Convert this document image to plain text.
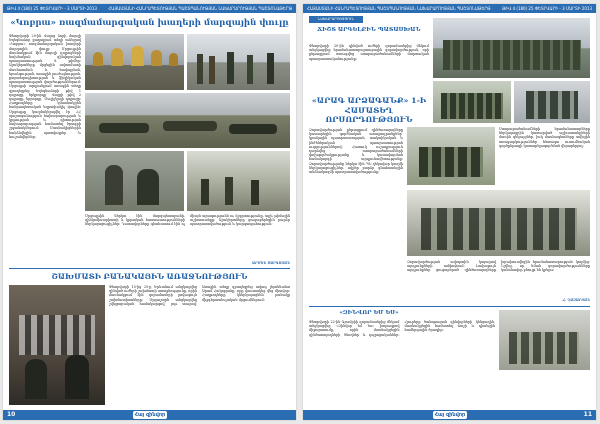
ԹԻՎ 4 (180) 25 ՓԵՏՐՎԱՐԻ - 3 ՄԱՐՏԻ 2013	ՀԱՅԱՍՏԱՆԻ ՀԱՆՐԱՊԵՏՈՒԹՅԱՆ ՊԱՇՏՊԱՆՈՒԹՅԱՆ ՆԱԽԱՐԱՐՈՒԹՅԱՆ ՊԱՇՏՈՆԱԹԵՐԹ
«Կոբրա» ռազմամարզական խաղերի մարզային փուլը
Փետրվարի 20-ին Վայոց ձորի մարզի Եղեգնաձոր քաղաքում տեղի ունեցավ «Կոբրա» ռազմամարզական խաղերի մարզային փուլը։ Մրցույթին մասնակցում էին մարզի դպրոցների նախնական զինվորական պատրաստության 8 թիմեր։ Աշակերտները մրցեցին ավտոմատի մասնատման և հավաքման, հրաձգության, առաջին բուժօգնության, քարտեզագիտության և ֆիզիկական պատրաստության վարժություններում։ Մրցույթի արդյունքում առաջին տեղը զբաղեցրեց Եղեգնաձորի թիվ 1 դպրոցը, երկրորդը՝ Վայքի թիվ 2 դպրոցը, երրորդը՝ Մալիշկայի դպրոցը։ Հաղթողները կմասնակցեն հանրապետական եզրափակիչ փուլին։ Մրցույթը կազմակերպվել էր ՀՀ պաշտպանության նախարարության և կրթության և գիտության նախարարության համատեղ ծրագրի շրջանակներում։ Մասնակիցներին հանձնվեցին պատվոգրեր և հուշանվերներ։
Մրցույթին ներկա էին մարզպետարանի, զինկոմիսարիատի և կրթական հաստատությունների ներկայացուցիչներ։ Դատավորները գնահատում էին ոչ միայն արագությունն ու ճշգրտությունը, այլև թիմային աշխատանքը։ Աշակերտները ցուցաբերեցին բարձր պատրաստվածություն և կարգապահություն։
ԱՐՄԵՆ ՍԱՐԳՍՅԱՆ
ՇԱԽՄԱՏԻ ԲԱՆԱԿԱՅԻՆ ԱՌԱՋՆՈՒԹՅՈՒՆ
Փետրվարի 15-ից 25-ը Երևանում անցկացվեց զինված ուժերի շախմատի առաջնությունը, որին մասնակցում էին զորամասերի լավագույն շախմատիստները։ Մրցաշարն անցկացվեց շվեյցարական համակարգով՝ յոթ տուրով։ Առաջին տեղը զբաղեցրեց ավագ լեյտենանտ Արամ Հակոբյանը, որը վաստակեց վեց միավոր։ Հաղթողները կներկայացնեն բանակը միջգերատեսչական մրցումներում։
10	Հայ զինվոր
ՀԱՅԱՍՏԱՆԻ ՀԱՆՐԱՊԵՏՈՒԹՅԱՆ ՊԱՇՏՊԱՆՈՒԹՅԱՆ ՆԱԽԱՐԱՐՈՒԹՅԱՆ ՊԱՇՏՈՆԱԹԵՐԹ	ԹԻՎ 4 (180) 25 ՓԵՏՐՎԱՐԻ - 3 ՄԱՐՏԻ 2013
ՆԱԽԱՐԱՐՈՒԹՅՈՒՆ
ՃԻՇՏ ԱՐԳԵԼՔԻՆ ՊԱՏԱՍԽԱՆ
Փետրվարի 20-ին զինված ուժերի զորամասերից մեկում անցկացվեց հրամանատարաշտաբային զորավարժություն, որի ընթացքում ստուգվեց ստորաբաժանումների մարտական պատրաստականությունը։
«ԱՐԱԳ ԱՐՁԱԳԱՆՔ» 1-Ի ՀԱՄԱՏԵՂ ՈՐՍՈՐԴՈՒԹՅՈՒՆ
Զորավարժության ընթացքում զինծառայողները կատարեցին գործնական առաջադրանքներ՝ կրակային պատրաստության, տակտիկական և ինժեներական պատրաստության ուղղություններով։ Հատուկ ուշադրություն դարձվեց ստորաբաժանումների փոխգործակցությանը և կառավարման համակարգի արդյունավետությանը։ Զորավարժությանը ներկա էին ՊՆ ղեկավար կազմի ներկայացուցիչներ, ովքեր բարձր գնահատեցին անձնակազմի պատրաստվածությունը։
Ստորաբաժանումների հրամանատարները ներկայացրին կատարված աշխատանքների մասին զեկույցներ, իսկ մասնագետները տվեցին առաջարկություններ հետագա ուսումնական գործընթացի կատարելագործման վերաբերյալ։
Զորավարժության ավարտին կայացավ արդյունքների ամփոփում։ Լավագույն արդյունքներ ցուցաբերած զինծառայողները խրախուսվեցին հրամանատարության կողմից։ Նշվեց, որ նման զորավարժությունները կանոնավոր բնույթ են կրելու։
Հ. ՂԱԶԱՐՅԱՆ
«ԶԻՆՎՈՐ ԵՄ ԵՍ»
Փետրվարի 22-ին Գյումրիի զորամասերից մեկում անցկացվեց «Զինվոր եմ ես» խորագրով միջոցառումը, որին մասնակցեցին զինծառայողների ծնողներ և դպրոցականներ։ Հյուրերը ծանոթացան զինվորների կենցաղին, մասնակցեցին համատեղ ճաշի և դիտեցին համերգային ծրագիր։
11
Հայ զինվոր
